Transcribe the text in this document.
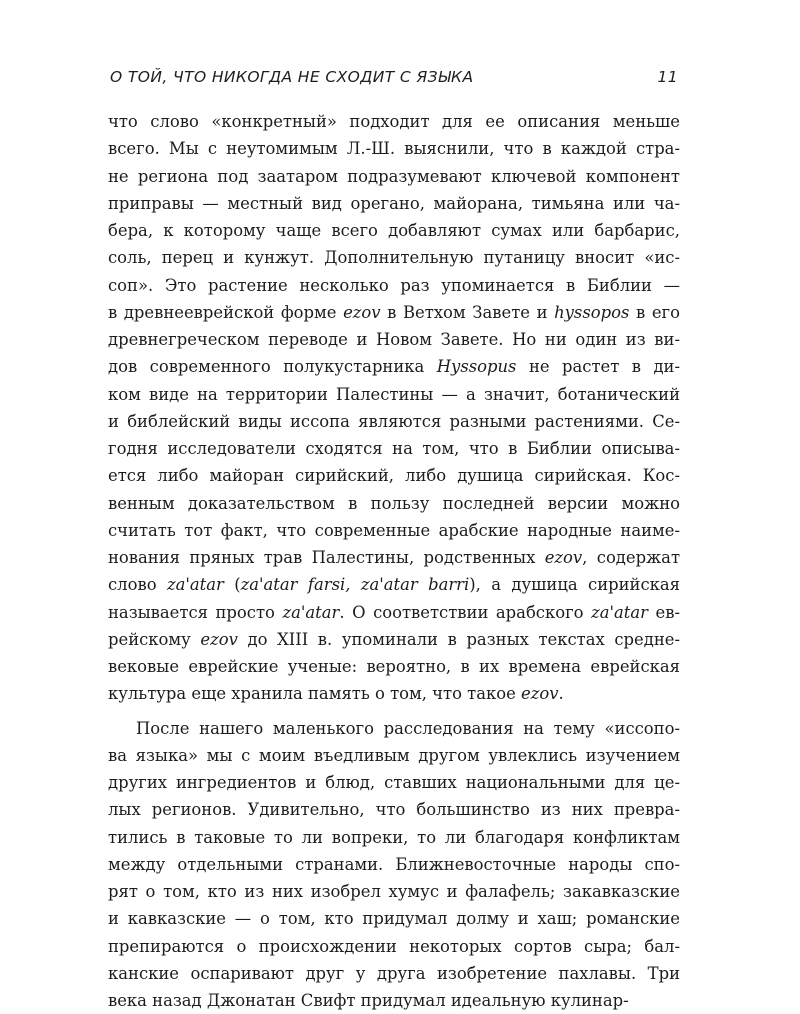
О ТОЙ, ЧТО НИКОГДА НЕ СХОДИТ С ЯЗЫКА	11
что слово «конкретный» подходит для ее описания меньше
всего. Мы с неутомимым Л.-Ш. выяснили, что в каждой стра-
не региона под заатаром подразумевают ключевой компонент
приправы — местный вид орегано, майорана, тимьяна или ча-
бера, к которому чаще всего добавляют сумах или барбарис,
соль, перец и кунжут. Дополнительную путаницу вносит «ис-
соп». Это растение несколько раз упоминается в Библии —
в древнееврейской форме ezov в Ветхом Завете и hyssopos в его
древнегреческом переводе и Новом Завете. Но ни один из ви-
дов современного полукустарника Hyssopus не растет в ди-
ком виде на территории Палестины — а значит, ботанический
и библейский виды иссопа являются разными растениями. Се-
годня исследователи сходятся на том, что в Библии описыва-
ется либо майоран сирийский, либо душица сирийская. Кос-
венным доказательством в пользу последней версии можно
считать тот факт, что современные арабские народные наиме-
нования пряных трав Палестины, родственных ezov, содержат
слово za'atar (za'atar farsi, za'atar barri), а душица сирийская
называется просто za'atar. О соответствии арабского za'atar ев-
рейскому ezov до XIII в. упоминали в разных текстах средне-
вековые еврейские ученые: вероятно, в их времена еврейская
культура еще хранила память о том, что такое ezov.
После нашего маленького расследования на тему «иссопо-
ва языка» мы с моим въедливым другом увлеклись изучением
других ингредиентов и блюд, ставших национальными для це-
лых регионов. Удивительно, что большинство из них превра-
тились в таковые то ли вопреки, то ли благодаря конфликтам
между отдельными странами. Ближневосточные народы спо-
рят о том, кто из них изобрел хумус и фалафель; закавказские
и кавказские — о том, кто придумал долму и хаш; романские
препираются о происхождении некоторых сортов сыра; бал-
канские оспаривают друг у друга изобретение пахлавы. Три
века назад Джонатан Свифт придумал идеальную кулинар-
